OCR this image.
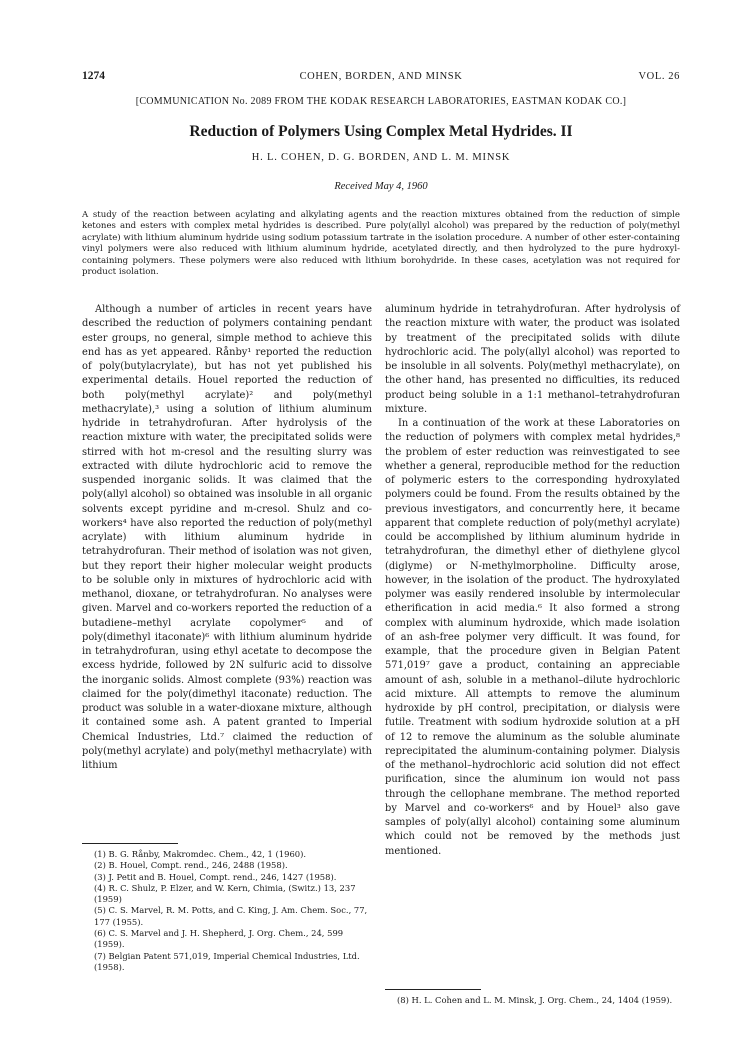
1274	COHEN, BORDEN, AND MINSK	VOL. 26
[COMMUNICATION No. 2089 FROM THE KODAK RESEARCH LABORATORIES, EASTMAN KODAK CO.]
Reduction of Polymers Using Complex Metal Hydrides. II
H. L. COHEN, D. G. BORDEN, AND L. M. MINSK
Received May 4, 1960
A study of the reaction between acylating and alkylating agents and the reaction mixtures obtained from the reduction of simple ketones and esters with complex metal hydrides is described. Pure poly(allyl alcohol) was prepared by the reduction of poly(methyl acrylate) with lithium aluminum hydride using sodium potassium tartrate in the isolation procedure. A number of other ester-containing vinyl polymers were also reduced with lithium aluminum hydride, acetylated directly, and then hydrolyzed to the pure hydroxyl-containing polymers. These polymers were also reduced with lithium borohydride. In these cases, acetylation was not required for product isolation.

Although a number of articles in recent years have described the reduction of polymers containing pendant ester groups, no general, simple method to achieve this end has as yet appeared. Rånby¹ reported the reduction of poly(butylacrylate), but has not yet published his experimental details. Houel reported the reduction of both poly(methyl acrylate)² and poly(methyl methacrylate),³ using a solution of lithium aluminum hydride in tetrahydrofuran. After hydrolysis of the reaction mixture with water, the precipitated solids were stirred with hot m-cresol and the resulting slurry was extracted with dilute hydrochloric acid to remove the suspended inorganic solids. It was claimed that the poly(allyl alcohol) so obtained was insoluble in all organic solvents except pyridine and m-cresol. Shulz and co-workers⁴ have also reported the reduction of poly(methyl acrylate) with lithium aluminum hydride in tetrahydrofuran. Their method of isolation was not given, but they report their higher molecular weight products to be soluble only in mixtures of hydrochloric acid with methanol, dioxane, or tetrahydrofuran. No analyses were given. Marvel and co-workers reported the reduction of a butadiene–methyl acrylate copolymer⁵ and of poly(dimethyl itaconate)⁶ with lithium aluminum hydride in tetrahydrofuran, using ethyl acetate to decompose the excess hydride, followed by 2N sulfuric acid to dissolve the inorganic solids. Almost complete (93%) reaction was claimed for the poly(dimethyl itaconate) reduction. The product was soluble in a water-dioxane mixture, although it contained some ash. A patent granted to Imperial Chemical Industries, Ltd.⁷ claimed the reduction of poly(methyl acrylate) and poly(methyl methacrylate) with lithium

aluminum hydride in tetrahydrofuran. After hydrolysis of the reaction mixture with water, the product was isolated by treatment of the precipitated solids with dilute hydrochloric acid. The poly(allyl alcohol) was reported to be insoluble in all solvents. Poly(methyl methacrylate), on the other hand, has presented no difficulties, its reduced product being soluble in a 1:1 methanol–tetrahydrofuran mixture.

In a continuation of the work at these Laboratories on the reduction of polymers with complex metal hydrides,⁸ the problem of ester reduction was reinvestigated to see whether a general, reproducible method for the reduction of polymeric esters to the corresponding hydroxylated polymers could be found. From the results obtained by the previous investigators, and concurrently here, it became apparent that complete reduction of poly(methyl acrylate) could be accomplished by lithium aluminum hydride in tetrahydrofuran, the dimethyl ether of diethylene glycol (diglyme) or N-methylmorpholine. Difficulty arose, however, in the isolation of the product. The hydroxylated polymer was easily rendered insoluble by intermolecular etherification in acid media.⁶ It also formed a strong complex with aluminum hydroxide, which made isolation of an ash-free polymer very difficult. It was found, for example, that the procedure given in Belgian Patent 571,019⁷ gave a product, containing an appreciable amount of ash, soluble in a methanol–dilute hydrochloric acid mixture. All attempts to remove the aluminum hydroxide by pH control, precipitation, or dialysis were futile. Treatment with sodium hydroxide solution at a pH of 12 to remove the aluminum as the soluble aluminate reprecipitated the aluminum-containing polymer. Dialysis of the methanol–hydrochloric acid solution did not effect purification, since the aluminum ion would not pass through the cellophane membrane. The method reported by Marvel and co-workers⁶ and by Houel³ also gave samples of poly(allyl alcohol) containing some aluminum which could not be removed by the methods just mentioned.

(1) B. G. Rånby, Makromdec. Chem., 42, 1 (1960).
(2) B. Houel, Compt. rend., 246, 2488 (1958).
(3) J. Petit and B. Houel, Compt. rend., 246, 1427 (1958).
(4) R. C. Shulz, P. Elzer, and W. Kern, Chimia, (Switz.) 13, 237 (1959)
(5) C. S. Marvel, R. M. Potts, and C. King, J. Am. Chem. Soc., 77, 177 (1955).
(6) C. S. Marvel and J. H. Shepherd, J. Org. Chem., 24, 599 (1959).
(7) Belgian Patent 571,019, Imperial Chemical Industries, Ltd. (1958).
(8) H. L. Cohen and L. M. Minsk, J. Org. Chem., 24, 1404 (1959).
